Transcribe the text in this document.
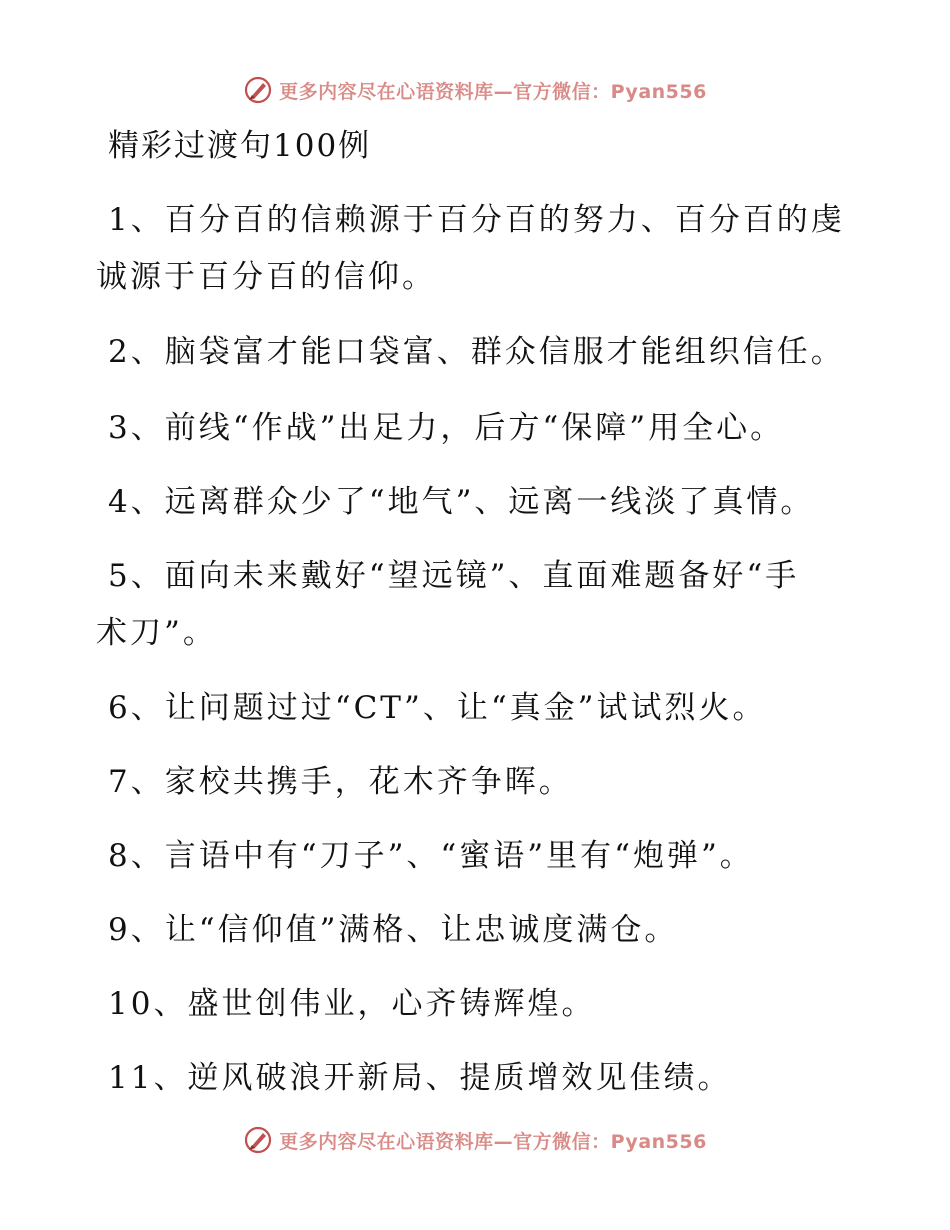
更多内容尽在心语资料库—官方微信：Pyan556
精彩过渡句100例
1、百分百的信赖源于百分百的努力、百分百的虔
诚源于百分百的信仰。
2、脑袋富才能口袋富、群众信服才能组织信任。
3、前线“作战”出足力，后方“保障”用全心。
4、远离群众少了“地气”、远离一线淡了真情。
5、面向未来戴好“望远镜”、直面难题备好“手
术刀”。
6、让问题过过“CT”、让“真金”试试烈火。
7、家校共携手，花木齐争晖。
8、言语中有“刀子”、“蜜语”里有“炮弹”。
9、让“信仰值”满格、让忠诚度满仓。
10、盛世创伟业，心齐铸辉煌。
11、逆风破浪开新局、提质增效见佳绩。
更多内容尽在心语资料库—官方微信：Pyan556
